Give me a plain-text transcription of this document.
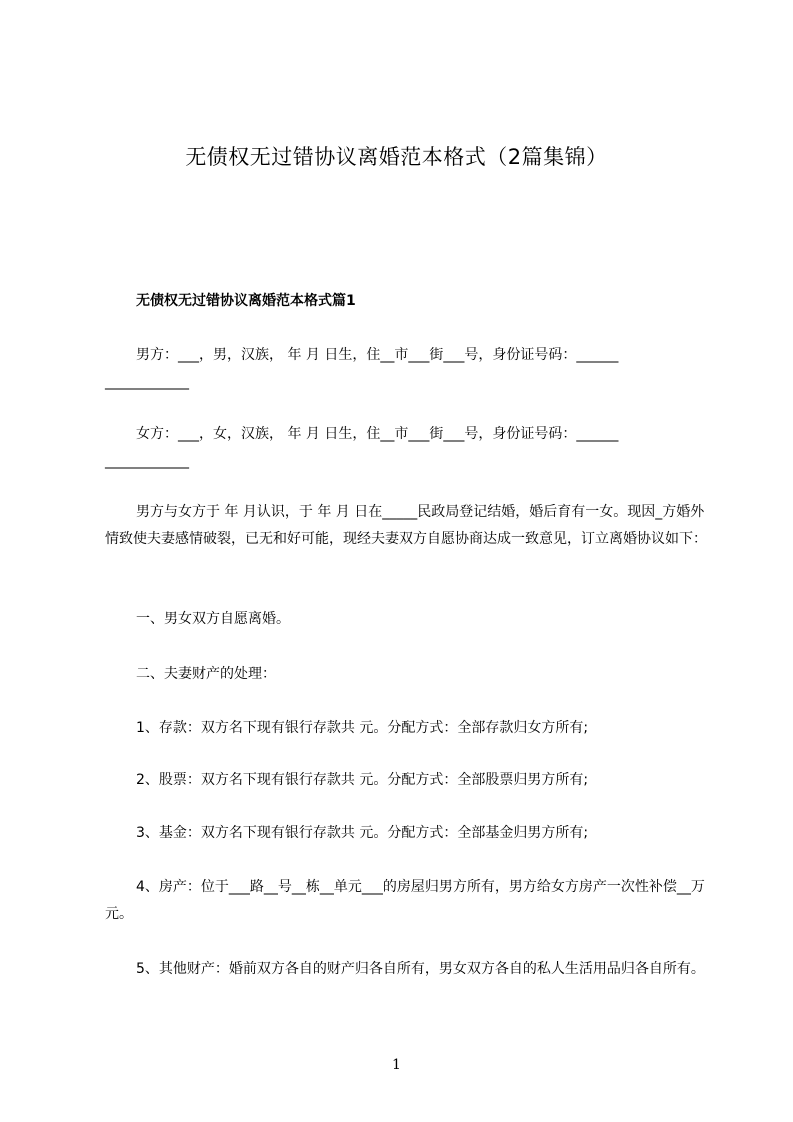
无债权无过错协议离婚范本格式（2篇集锦）
无债权无过错协议离婚范本格式篇1
男方：___，男，汉族， 年 月 日生，住__市___街___号，身份证号码：______
____________
女方：___，女，汉族， 年 月 日生，住__市___街___号，身份证号码：______
____________
男方与女方于 年 月认识，于 年 月 日在_____民政局登记结婚，婚后育有一女。现因_方婚外情致使夫妻感情破裂，已无和好可能，现经夫妻双方自愿协商达成一致意见，订立离婚协议如下：
一、男女双方自愿离婚。
二、夫妻财产的处理：
1、存款：双方名下现有银行存款共 元。分配方式：全部存款归女方所有;
2、股票：双方名下现有银行存款共 元。分配方式：全部股票归男方所有;
3、基金：双方名下现有银行存款共 元。分配方式：全部基金归男方所有;
4、房产：位于___路__号__栋__单元___的房屋归男方所有，男方给女方房产一次性补偿__万元。
5、其他财产：婚前双方各自的财产归各自所有，男女双方各自的私人生活用品归各自所有。
1
